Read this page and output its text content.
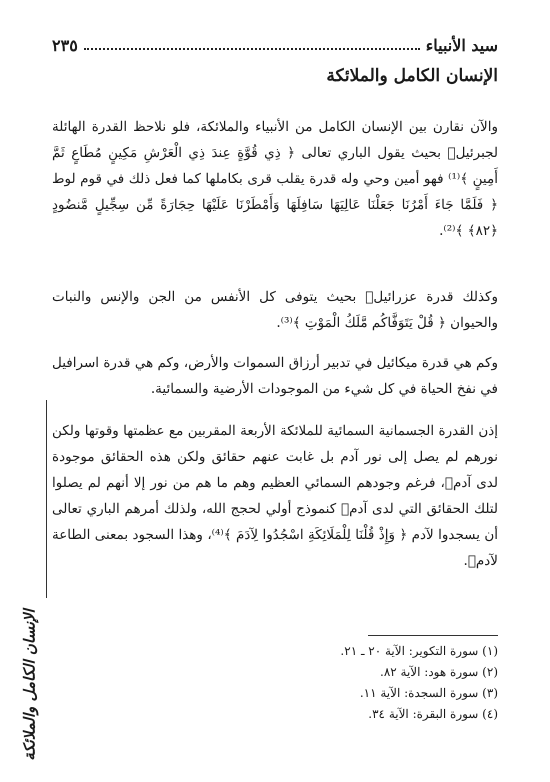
سيد الأنبياء
٢٣٥
الإنسان الكامل والملائكة

والآن نقارن بين الإنسان الكامل من الأنبياء والملائكة، فلو نلاحظ القدرة الهائلة لجبرئيل﷣ بحيث يقول الباري تعالى ﴿ ذِي قُوَّةٍ عِندَ ذِي الْعَرْشِ مَكِينٍ مُطَاعٍ ثَمَّ أَمِينٍ ﴾⁽¹⁾ فهو أمين وحي وله قدرة يقلب قرى بكاملها كما فعل ذلك في قوم لوط ﴿ فَلَمَّا جَاءَ أَمْرُنَا جَعَلْنَا عَالِيَهَا سَافِلَهَا وَأَمْطَرْنَا عَلَيْهَا حِجَارَةً مِّن سِجِّيلٍ مَّنضُودٍ ﴿٨٢﴾ ﴾⁽²⁾.

وكذلك قدرة عزرائيل﷣ بحيث يتوفى كل الأنفس من الجن والإنس والنبات والحيوان ﴿ قُلْ يَتَوَفَّاكُم مَّلَكُ الْمَوْتِ ﴾⁽³⁾.

وكم هي قدرة ميكائيل في تدبير أرزاق السموات والأرض، وكم هي قدرة اسرافيل في نفخ الحياة في كل شيء من الموجودات الأرضية والسمائية.

إذن القدرة الجسمانية السمائية للملائكة الأربعة المقربين مع عظمتها وقوتها ولكن نورهم لم يصل إلى نور آدم بل غابت عنهم حقائق ولكن هذه الحقائق موجودة لدى آدم﷣، فرغم وجودهم السمائي العظيم وهم ما هم من نور إلا أنهم لم يصلوا لتلك الحقائق التي لدى آدم﷣ كنموذج أولي لحجج الله، ولذلك أمرهم الباري تعالى أن يسجدوا لآدم ﴿ وَإِذْ قُلْنَا لِلْمَلَائِكَةِ اسْجُدُوا لِآدَمَ ﴾⁽⁴⁾، وهذا السجود بمعنى الطاعة لآدم﷣.

(١) سورة التكوير: الآية ٢٠ ـ ٢١.
(٢) سورة هود: الآية ٨٢.
(٣) سورة السجدة: الآية ١١.
(٤) سورة البقرة: الآية ٣٤.
الإنسان الكامل والملائكة
